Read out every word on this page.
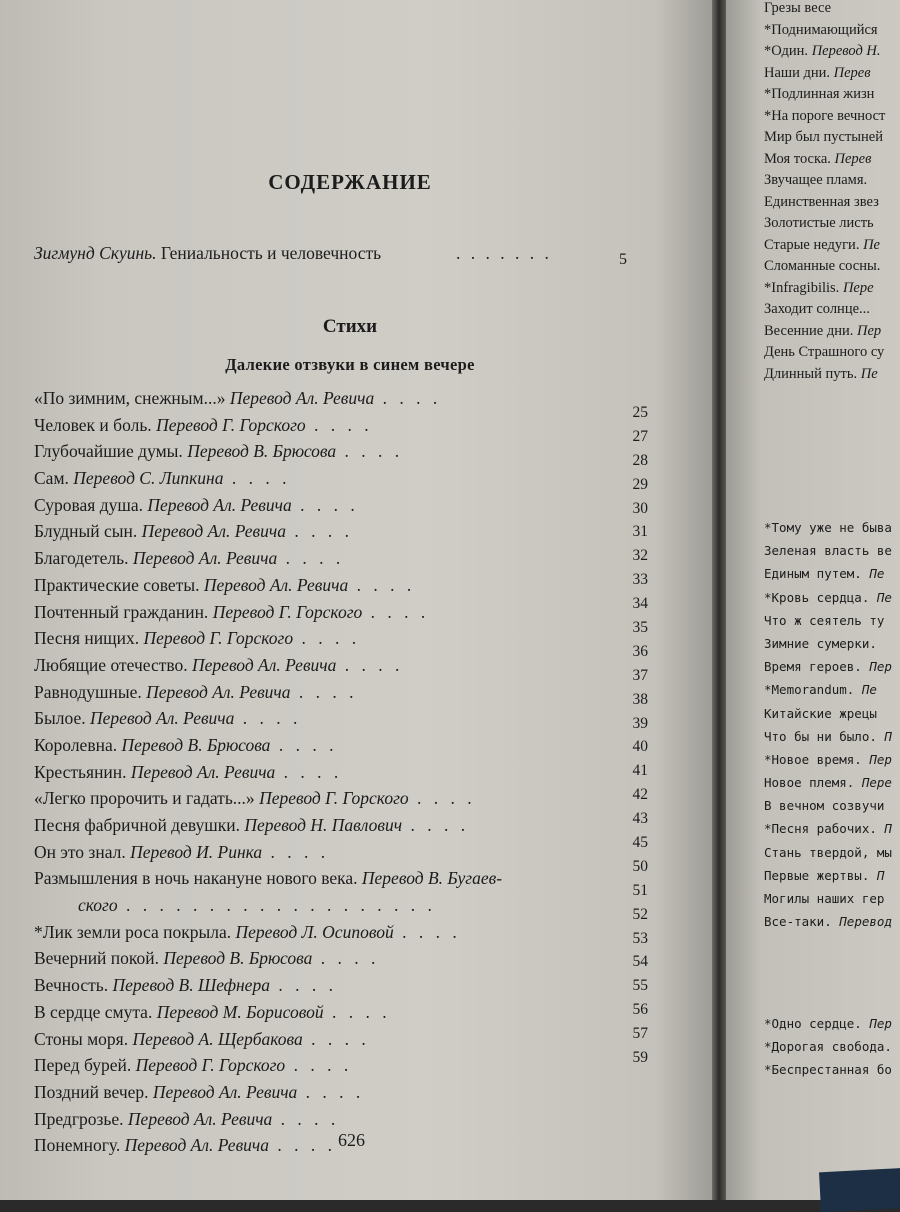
СОДЕРЖАНИЕ
Зигмунд Скуинь. Гениальность и человечность	. . . . . . .	5
Стихи
Далекие отзвуки в синем вечере
«По зимним, снежным...» Перевод Ал. Ревича . . . .
Человек и боль. Перевод Г. Горского . . . .
Глубочайшие думы. Перевод В. Брюсова . . . .
Сам. Перевод С. Липкина . . . .
Суровая душа. Перевод Ал. Ревича . . . .
Блудный сын. Перевод Ал. Ревича . . . .
Благодетель. Перевод Ал. Ревича . . . .
Практические советы. Перевод Ал. Ревича . . . .
Почтенный гражданин. Перевод Г. Горского . . . .
Песня нищих. Перевод Г. Горского . . . .
Любящие отечество. Перевод Ал. Ревича . . . .
Равнодушные. Перевод Ал. Ревича . . . .
Былое. Перевод Ал. Ревича . . . .
Королевна. Перевод В. Брюсова . . . .
Крестьянин. Перевод Ал. Ревича . . . .
«Легко пророчить и гадать...» Перевод Г. Горского . . . .
Песня фабричной девушки. Перевод Н. Павлович . . . .
Он это знал. Перевод И. Ринка . . . .
Размышления в ночь накануне нового века. Перевод В. Бугаев-
ского . . . . . . . . . . . . . . . . . . .
*Лик земли роса покрыла. Перевод Л. Осиповой . . . .
Вечерний покой. Перевод В. Брюсова . . . .
Вечность. Перевод В. Шефнера . . . .
В сердце смута. Перевод М. Борисовой . . . .
Стоны моря. Перевод А. Щербакова . . . .
Перед бурей. Перевод Г. Горского . . . .
Поздний вечер. Перевод Ал. Ревича . . . .
Предгрозье. Перевод Ал. Ревича . . . .
Понемногу. Перевод Ал. Ревича . . . .
25
27
28
29
30
31
32
33
34
35
36
37
38
39
40
41
42
43
45
50
51
52
53
54
55
56
57
59
626
Грезы весе
*Поднимающийся
*Один. Перевод Н.
Наши дни. Перев
*Подлинная жизн
*На пороге вечност
Мир был пустыней
Моя тоска. Перев
Звучащее пламя.
Единственная звез
Золотистые листь
Старые недуги. Пе
Сломанные сосны.
*Infragibilis. Пере
Заходит солнце...
Весенние дни. Пер
День Страшного су
Длинный путь. Пе
*Тому уже не быва
Зеленая власть ве
Единым путем. Пе
*Кровь сердца. Пе
Что ж сеятель ту
Зимние сумерки.
Время героев. Пер
*Memorandum. Пе
Китайские жрецы
Что бы ни было. П
*Новое время. Пер
Новое племя. Пере
В вечном созвучи
*Песня рабочих. П
Стань твердой, мы
Первые жертвы. П
Могилы наших гер
Все-таки. Перевод
*Одно сердце. Пер
*Дорогая свобода.
*Беспрестанная бо
